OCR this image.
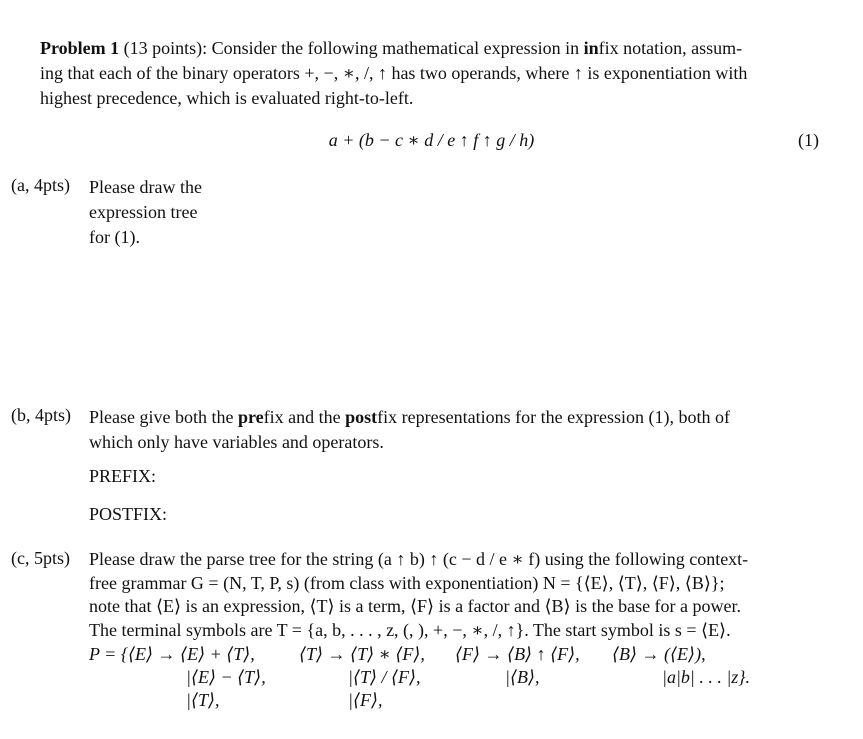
Problem 1 (13 points): Consider the following mathematical expression in infix notation, assum-
ing that each of the binary operators +, −, ∗, /, ↑ has two operands, where ↑ is exponentiation with
highest precedence, which is evaluated right-to-left.
a + (b − c ∗ d / e ↑ f ↑ g / h)	(1)
(a, 4pts) Please draw the
expression tree
for (1).
(b, 4pts) Please give both the prefix and the postfix representations for the expression (1), both of
which only have variables and operators.
PREFIX:
POSTFIX:
(c, 5pts) Please draw the parse tree for the string (a ↑ b) ↑ (c − d / e ∗ f) using the following context-
free grammar G = (N, T, P, s) (from class with exponentiation) N = {⟨E⟩, ⟨T⟩, ⟨F⟩, ⟨B⟩};
note that ⟨E⟩ is an expression, ⟨T⟩ is a term, ⟨F⟩ is a factor and ⟨B⟩ is the base for a power.
The terminal symbols are T = {a, b, . . . , z, (, ), +, −, ∗, /, ↑}. The start symbol is s = ⟨E⟩.
P = {⟨E⟩ → ⟨E⟩ + ⟨T⟩, ⟨T⟩ → ⟨T⟩ ∗ ⟨F⟩, ⟨F⟩ → ⟨B⟩ ↑ ⟨F⟩, ⟨B⟩ → (⟨E⟩),
|⟨E⟩ − ⟨T⟩,	|⟨T⟩ / ⟨F⟩,	|⟨B⟩,	|a|b| . . . |z}.
|⟨T⟩,	|⟨F⟩,
